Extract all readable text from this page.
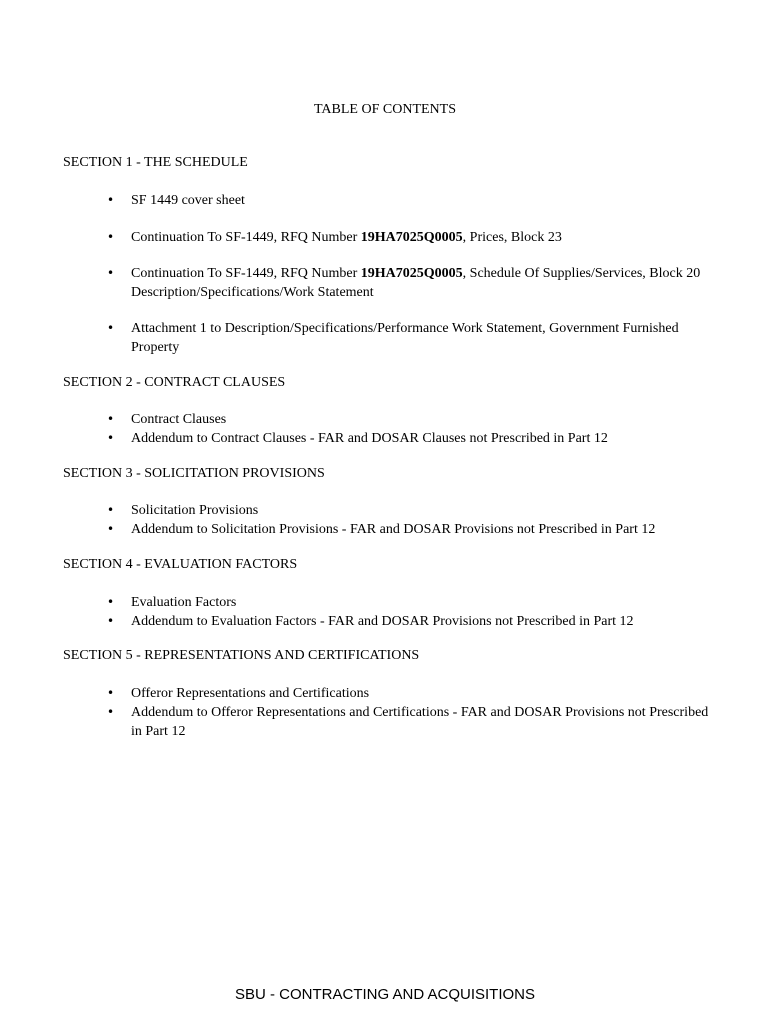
TABLE OF CONTENTS
SECTION 1 - THE SCHEDULE
• SF 1449 cover sheet
• Continuation To SF-1449, RFQ Number 19HA7025Q0005, Prices, Block 23
• Continuation To SF-1449, RFQ Number 19HA7025Q0005, Schedule Of Supplies/Services, Block 20 Description/Specifications/Work Statement
• Attachment 1 to Description/Specifications/Performance Work Statement, Government Furnished Property
SECTION 2 - CONTRACT CLAUSES
• Contract Clauses
• Addendum to Contract Clauses - FAR and DOSAR Clauses not Prescribed in Part 12
SECTION 3 - SOLICITATION PROVISIONS
• Solicitation Provisions
• Addendum to Solicitation Provisions - FAR and DOSAR Provisions not Prescribed in Part 12
SECTION 4 - EVALUATION FACTORS
• Evaluation Factors
• Addendum to Evaluation Factors - FAR and DOSAR Provisions not Prescribed in Part 12
SECTION 5 - REPRESENTATIONS AND CERTIFICATIONS
• Offeror Representations and Certifications
• Addendum to Offeror Representations and Certifications - FAR and DOSAR Provisions not Prescribed in Part 12
SBU - CONTRACTING AND ACQUISITIONS
